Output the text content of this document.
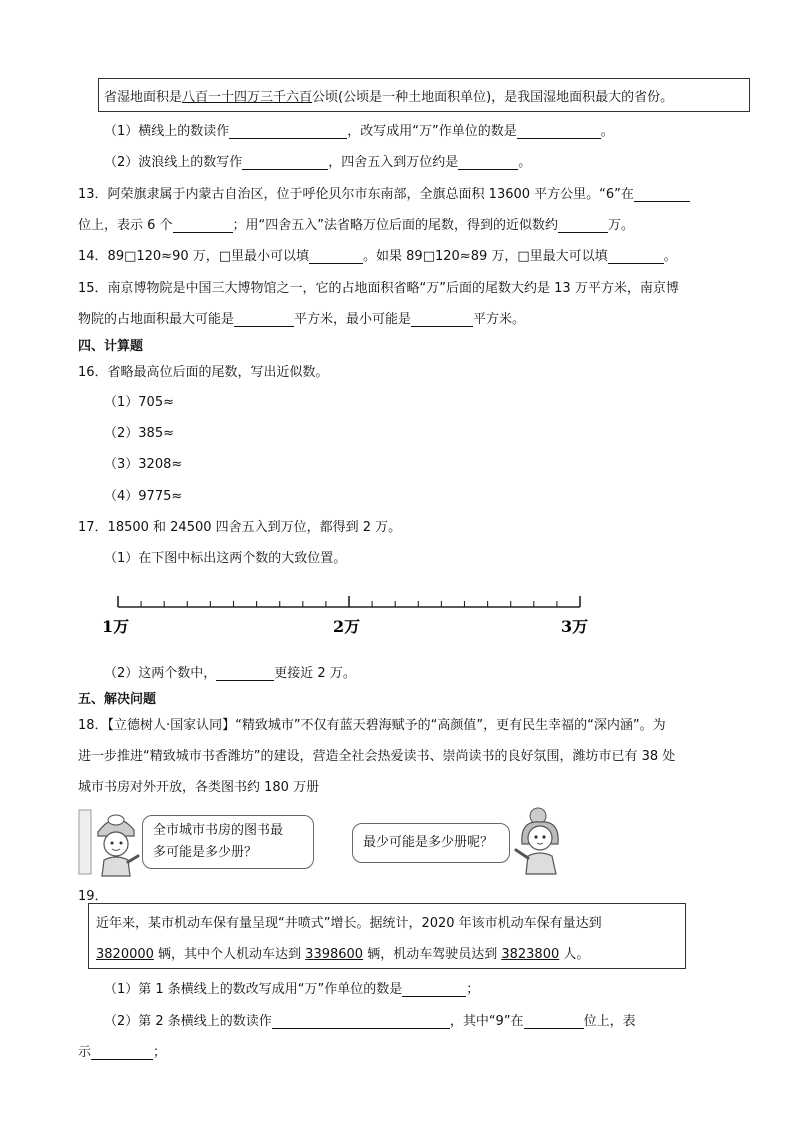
省湿地面积是八百一十四万三千六百公顷(公顷是一种土地面积单位)，是我国湿地面积最大的省份。
（1）横线上的数读作	，改写成用“万”作单位的数是	。
（2）波浪线上的数写作	，四舍五入到万位约是	。
13．阿荣旗隶属于内蒙古自治区，位于呼伦贝尔市东南部，全旗总面积 13600 平方公里。“6”在
位上，表示 6 个	；用“四舍五入”法省略万位后面的尾数，得到的近似数约	万。
14．89□120≈90 万，□里最小可以填	。如果 89□120≈89 万，□里最大可以填	。
15．南京博物院是中国三大博物馆之一，它的占地面积省略“万”后面的尾数大约是 13 万平方米，南京博
物院的占地面积最大可能是	平方米，最小可能是	平方米。
四、计算题
16．省略最高位后面的尾数，写出近似数。
（1）705≈
（2）385≈
（3）3208≈
（4）9775≈
17．18500 和 24500 四舍五入到万位，都得到 2 万。
（1）在下图中标出这两个数的大致位置。
1万	2万	3万
（2）这两个数中，	更接近 2 万。
五、解决问题
18．【立德树人·国家认同】“精致城市”不仅有蓝天碧海赋予的“高颜值”，更有民生幸福的“深内涵”。为
进一步推进“精致城市书香潍坊”的建设，营造全社会热爱读书、崇尚读书的良好氛围，潍坊市已有 38 处
城市书房对外开放，各类图书约 180 万册
全市城市书房的图书最
多可能是多少册？
最少可能是多少册呢？
19．
近年来，某市机动车保有量呈现“井喷式”增长。据统计，2020 年该市机动车保有量达到
3820000 辆，其中个人机动车达到 3398600 辆，机动车驾驶员达到 3823800 人。
（1）第 1 条横线上的数改写成用“万”作单位的数是	；
（2）第 2 条横线上的数读作	，其中“9”在	位上，表
示	；
